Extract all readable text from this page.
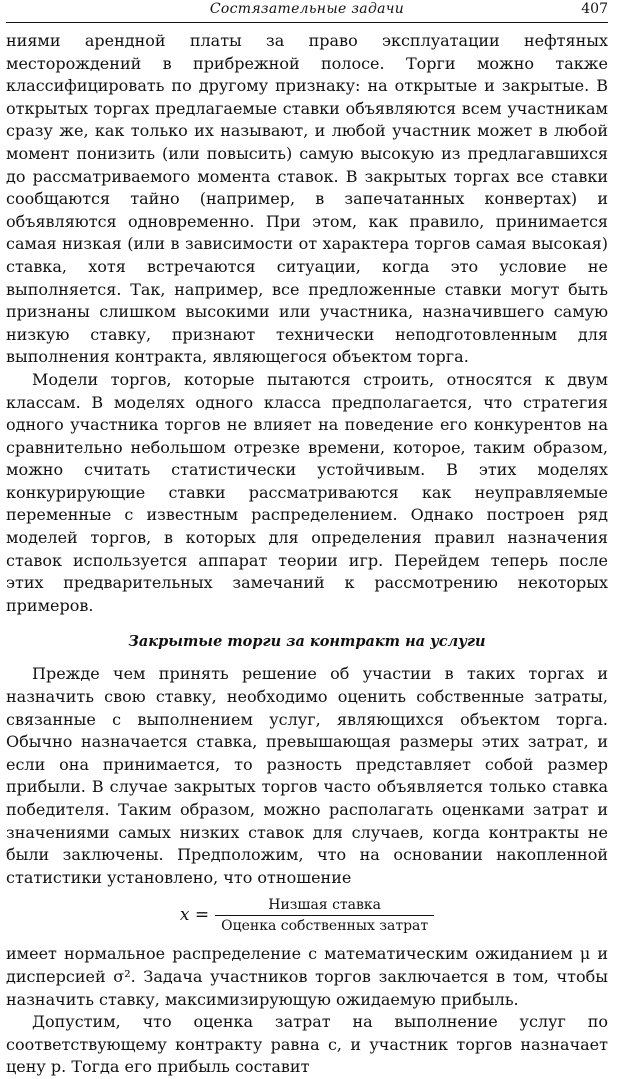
Состязательные задачи	407

ниями арендной платы за право эксплуатации нефтяных месторождений в прибрежной полосе. Торги можно также классифицировать по другому признаку: на открытые и закрытые. В открытых торгах предлагаемые ставки объявляются всем участникам сразу же, как только их называют, и любой участник может в любой момент понизить (или повысить) самую высокую из предлагавшихся до рассматриваемого момента ставок. В закрытых торгах все ставки сообщаются тайно (например, в запечатанных конвертах) и объявляются одновременно. При этом, как правило, принимается самая низкая (или в зависимости от характера торгов самая высокая) ставка, хотя встречаются ситуации, когда это условие не выполняется. Так, например, все предложенные ставки могут быть признаны слишком высокими или участника, назначившего самую низкую ставку, признают технически неподготовленным для выполнения контракта, являющегося объектом торга.

Модели торгов, которые пытаются строить, относятся к двум классам. В моделях одного класса предполагается, что стратегия одного участника торгов не влияет на поведение его конкурентов на сравнительно небольшом отрезке времени, которое, таким образом, можно считать статистически устойчивым. В этих моделях конкурирующие ставки рассматриваются как неуправляемые переменные с известным распределением. Однако построен ряд моделей торгов, в которых для определения правил назначения ставок используется аппарат теории игр. Перейдем теперь после этих предварительных замечаний к рассмотрению некоторых примеров.

Закрытые торги за контракт на услуги

Прежде чем принять решение об участии в таких торгах и назначить свою ставку, необходимо оценить собственные затраты, связанные с выполнением услуг, являющихся объектом торга. Обычно назначается ставка, превышающая размеры этих затрат, и если она принимается, то разность представляет собой размер прибыли. В случае закрытых торгов часто объявляется только ставка победителя. Таким образом, можно располагать оценками затрат и значениями самых низких ставок для случаев, когда контракты не были заключены. Предположим, что на основании накопленной статистики установлено, что отношение

$x = \frac{\text{Низшая ставка}}{\text{Оценка собственных затрат}}$

имеет нормальное распределение с математическим ожиданием μ и дисперсией σ². Задача участников торгов заключается в том, чтобы назначить ставку, максимизирующую ожидаемую прибыль.

Допустим, что оценка затрат на выполнение услуг по соответствующему контракту равна c, и участник торгов назначает цену p. Тогда его прибыль составит
